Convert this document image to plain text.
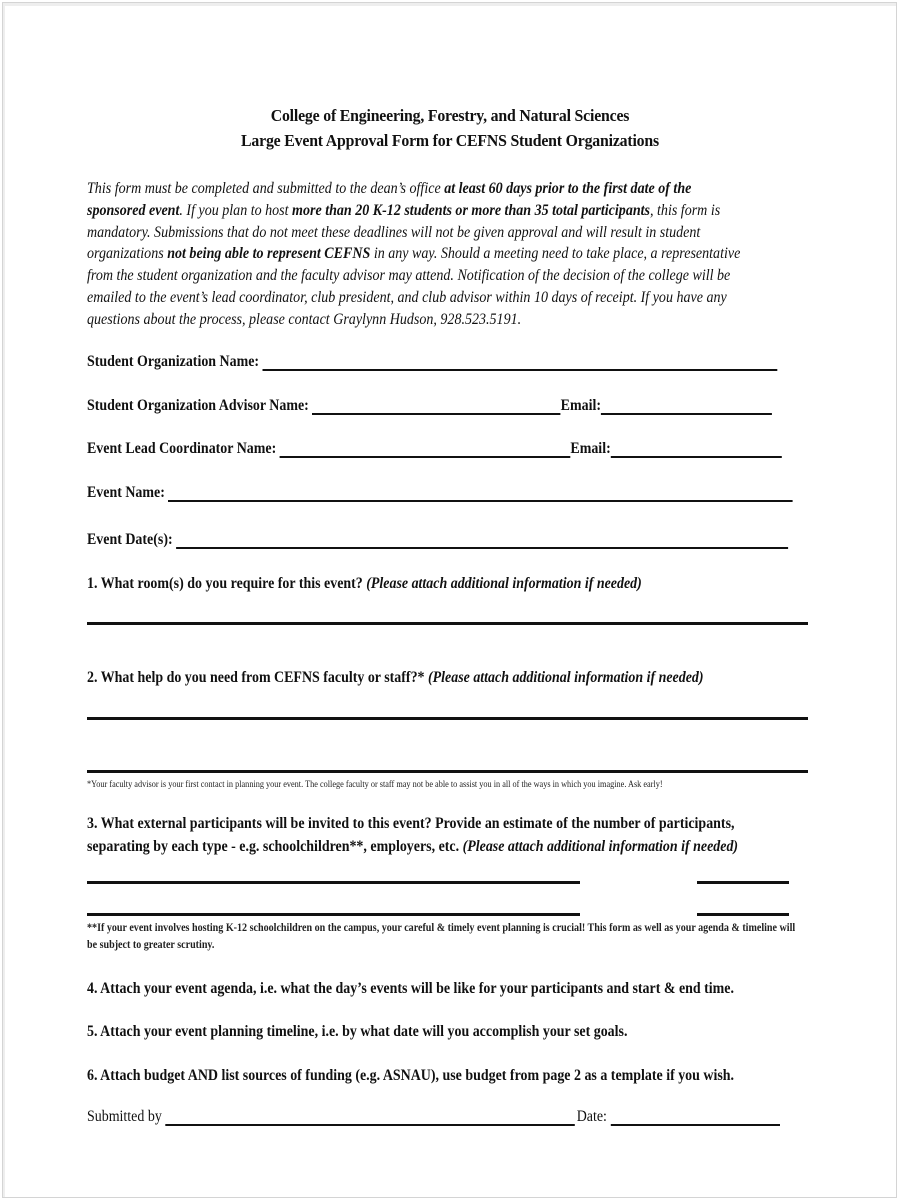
College of Engineering, Forestry, and Natural Sciences
Large Event Approval Form for CEFNS Student Organizations
This form must be completed and submitted to the dean’s office at least 60 days prior to the first date of the sponsored event. If you plan to host more than 20 K-12 students or more than 35 total participants, this form is mandatory. Submissions that do not meet these deadlines will not be given approval and will result in student organizations not being able to represent CEFNS in any way. Should a meeting need to take place, a representative from the student organization and the faculty advisor may attend. Notification of the decision of the college will be emailed to the event’s lead coordinator, club president, and club advisor within 10 days of receipt. If you have any questions about the process, please contact Graylynn Hudson, 928.523.5191.
Student Organization Name:

Student Organization Advisor Name:
	Email:
Event Lead Coordinator Name:
	Email:
Event Name:

Event Date(s):

1. What room(s) do you require for this event? (Please attach additional information if needed)
2. What help do you need from CEFNS faculty or staff?* (Please attach additional information if needed)
*Your faculty advisor is your first contact in planning your event. The college faculty or staff may not be able to assist you in all of the ways in which you imagine. Ask early!
3. What external participants will be invited to this event? Provide an estimate of the number of participants,
separating by each type - e.g. schoolchildren**, employers, etc. (Please attach additional information if needed)
**If your event involves hosting K-12 schoolchildren on the campus, your careful & timely event planning is crucial! This form as well as your agenda & timeline will be subject to greater scrutiny.
4. Attach your event agenda, i.e. what the day’s events will be like for your participants and start & end time.
5. Attach your event planning timeline, i.e. by what date will you accomplish your set goals.
6. Attach budget AND list sources of funding (e.g. ASNAU), use budget from page 2 as a template if you wish.
Submitted by	Date:
